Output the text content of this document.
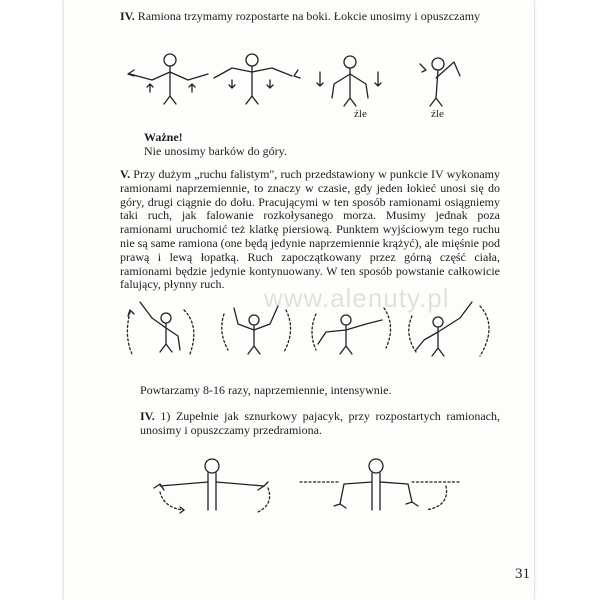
IV. Ramiona trzymamy rozpostarte na boki. Łokcie unosimy i opuszczamy
źle	źle
Ważne!
Nie unosimy barków do góry.
V. Przy dużym „ruchu falistym", ruch przedstawiony w punkcie IV wykonamy ramionami naprzemiennie, to znaczy w czasie, gdy jeden łokieć unosi się do góry, drugi ciągnie do dołu. Pracującymi w ten sposób ramionami osiągniemy taki ruch, jak falowanie rozkołysanego morza. Musimy jednak poza ramionami uruchomić też klatkę piersiową. Punktem wyjściowym tego ruchu nie są same ramiona (one będą jedynie naprzemiennie krążyć), ale mięśnie pod prawą i lewą łopatką. Ruch zapoczątkowany przez górną część ciała, ramionami będzie jedynie kontynuowany. W ten sposób powstanie całkowicie falujący, płynny ruch.	www.alenuty.pl
Powtarzamy 8-16 razy, naprzemiennie, intensywnie.
IV. 1) Zupełnie jak sznurkowy pajacyk, przy rozpostartych ramionach, unosimy i opuszczamy przedramiona.
31
